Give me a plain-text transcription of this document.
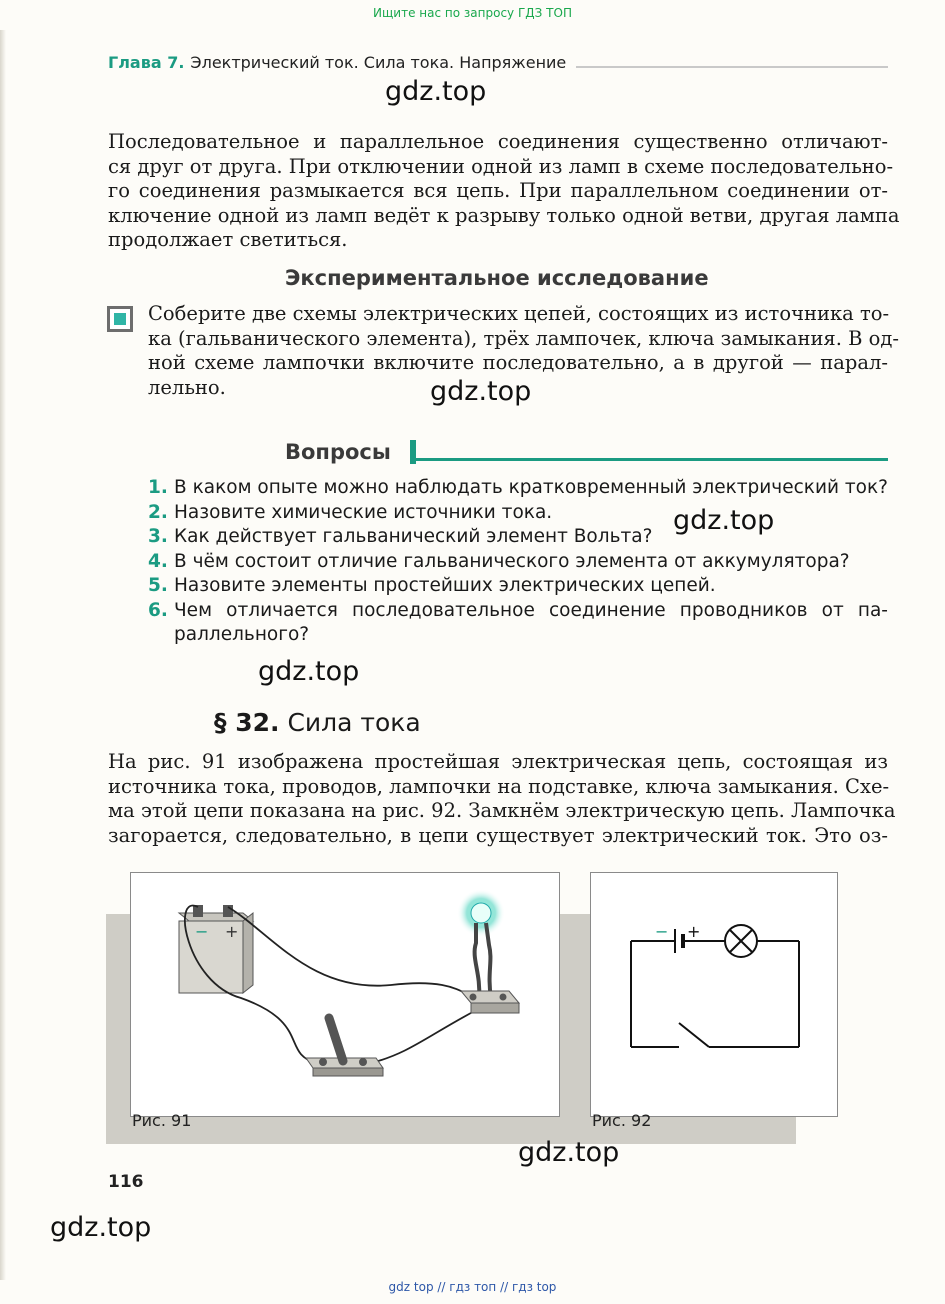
Ищите нас по запросу ГДЗ ТОП
Глава 7. Электрический ток. Сила тока. Напряжение
gdz.top
Последовательное и параллельное соединения существенно отличают-
ся друг от друга. При отключении одной из ламп в схеме последовательно-
го соединения размыкается вся цепь. При параллельном соединении от-
ключение одной из ламп ведёт к разрыву только одной ветви, другая лампа
продолжает светиться.
Экспериментальное исследование
Соберите две схемы электрических цепей, состоящих из источника то-
ка (гальванического элемента), трёх лампочек, ключа замыкания. В од-
ной схеме лампочки включите последовательно, а в другой — парал-
лельно.	gdz.top
Вопросы
1. В каком опыте можно наблюдать кратковременный электрический ток?
2. Назовите химические источники тока.
3. Как действует гальванический элемент Вольта?
4. В чём состоит отличие гальванического элемента от аккумулятора?
5. Назовите элементы простейших электрических цепей.
6. Чем отличается последовательное соединение проводников от па-
раллельного?
gdz.top
gdz.top
§ 32. Сила тока
На рис. 91 изображена простейшая электрическая цепь, состоящая из
источника тока, проводов, лампочки на подставке, ключа замыкания. Схе-
ма этой цепи показана на рис. 92. Замкнём электрическую цепь. Лампочка
загорается, следовательно, в цепи существует электрический ток. Это оз-
− +
Рис. 91
− +
Рис. 92
gdz.top
116
gdz.top
gdz top // гдз топ // гдз top
